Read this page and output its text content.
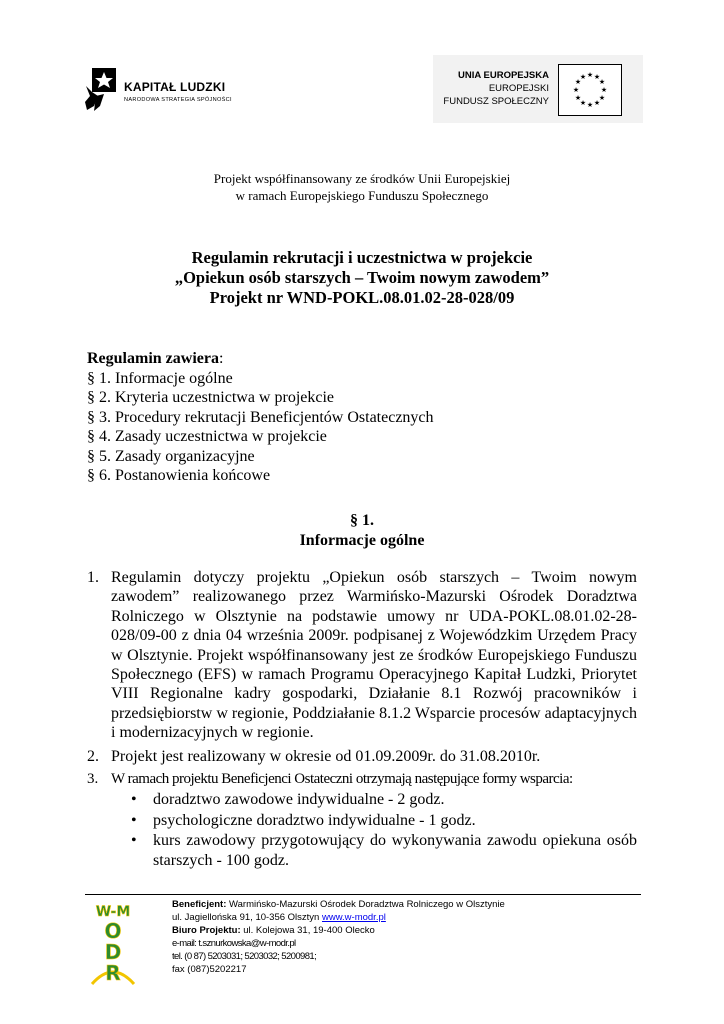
KAPITAŁ LUDZKI
NARODOWA STRATEGIA SPÓJNOŚCI
UNIA EUROPEJSKA
EUROPEJSKI
FUNDUSZ SPOŁECZNY
★ ★
★
★
★
★
★
★
★
★
★
★
Projekt współfinansowany ze środków Unii Europejskiej
w ramach Europejskiego Funduszu Społecznego
Regulamin rekrutacji i uczestnictwa w projekcie
„Opiekun osób starszych – Twoim nowym zawodem”
Projekt nr WND-POKL.08.01.02-28-028/09
Regulamin zawiera:
§ 1. Informacje ogólne
§ 2. Kryteria uczestnictwa w projekcie
§ 3. Procedury rekrutacji Beneficjentów Ostatecznych
§ 4. Zasady uczestnictwa w projekcie
§ 5. Zasady organizacyjne
§ 6. Postanowienia końcowe
§ 1.
Informacje ogólne
1. Regulamin dotyczy projektu „Opiekun osób starszych – Twoim nowym zawodem” realizowanego przez Warmińsko-Mazurski Ośrodek Doradztwa Rolniczego w Olsztynie na podstawie umowy nr UDA-POKL.08.01.02-28-028/09-00 z dnia 04 września 2009r. podpisanej z Wojewódzkim Urzędem Pracy w Olsztynie. Projekt współfinansowany jest ze środków Europejskiego Funduszu Społecznego (EFS) w ramach Programu Operacyjnego Kapitał Ludzki, Priorytet VIII Regionalne kadry gospodarki, Działanie 8.1 Rozwój pracowników i przedsiębiorstw w regionie, Poddziałanie 8.1.2 Wsparcie procesów adaptacyjnych i modernizacyjnych w regionie.
2. Projekt jest realizowany w okresie od 01.09.2009r. do 31.08.2010r.
3. W ramach projektu Beneficjenci Ostateczni otrzymają następujące formy wsparcia:
• doradztwo zawodowe indywidualne - 2 godz.
• psychologiczne doradztwo indywidualne - 1 godz.
• kurs zawodowy przygotowujący do wykonywania zawodu opiekuna osób starszych - 100 godz.
W-M
O
D
R
Beneficjent: Warmińsko-Mazurski Ośrodek Doradztwa Rolniczego w Olsztynie
ul. Jagiellońska 91, 10-356 Olsztyn www.w-modr.pl
Biuro Projektu: ul. Kolejowa 31, 19-400 Olecko
e-mail: t.sznurkowska@w-modr.pl
tel. (0 87) 5203031; 5203032; 5200981;
fax (087)5202217
